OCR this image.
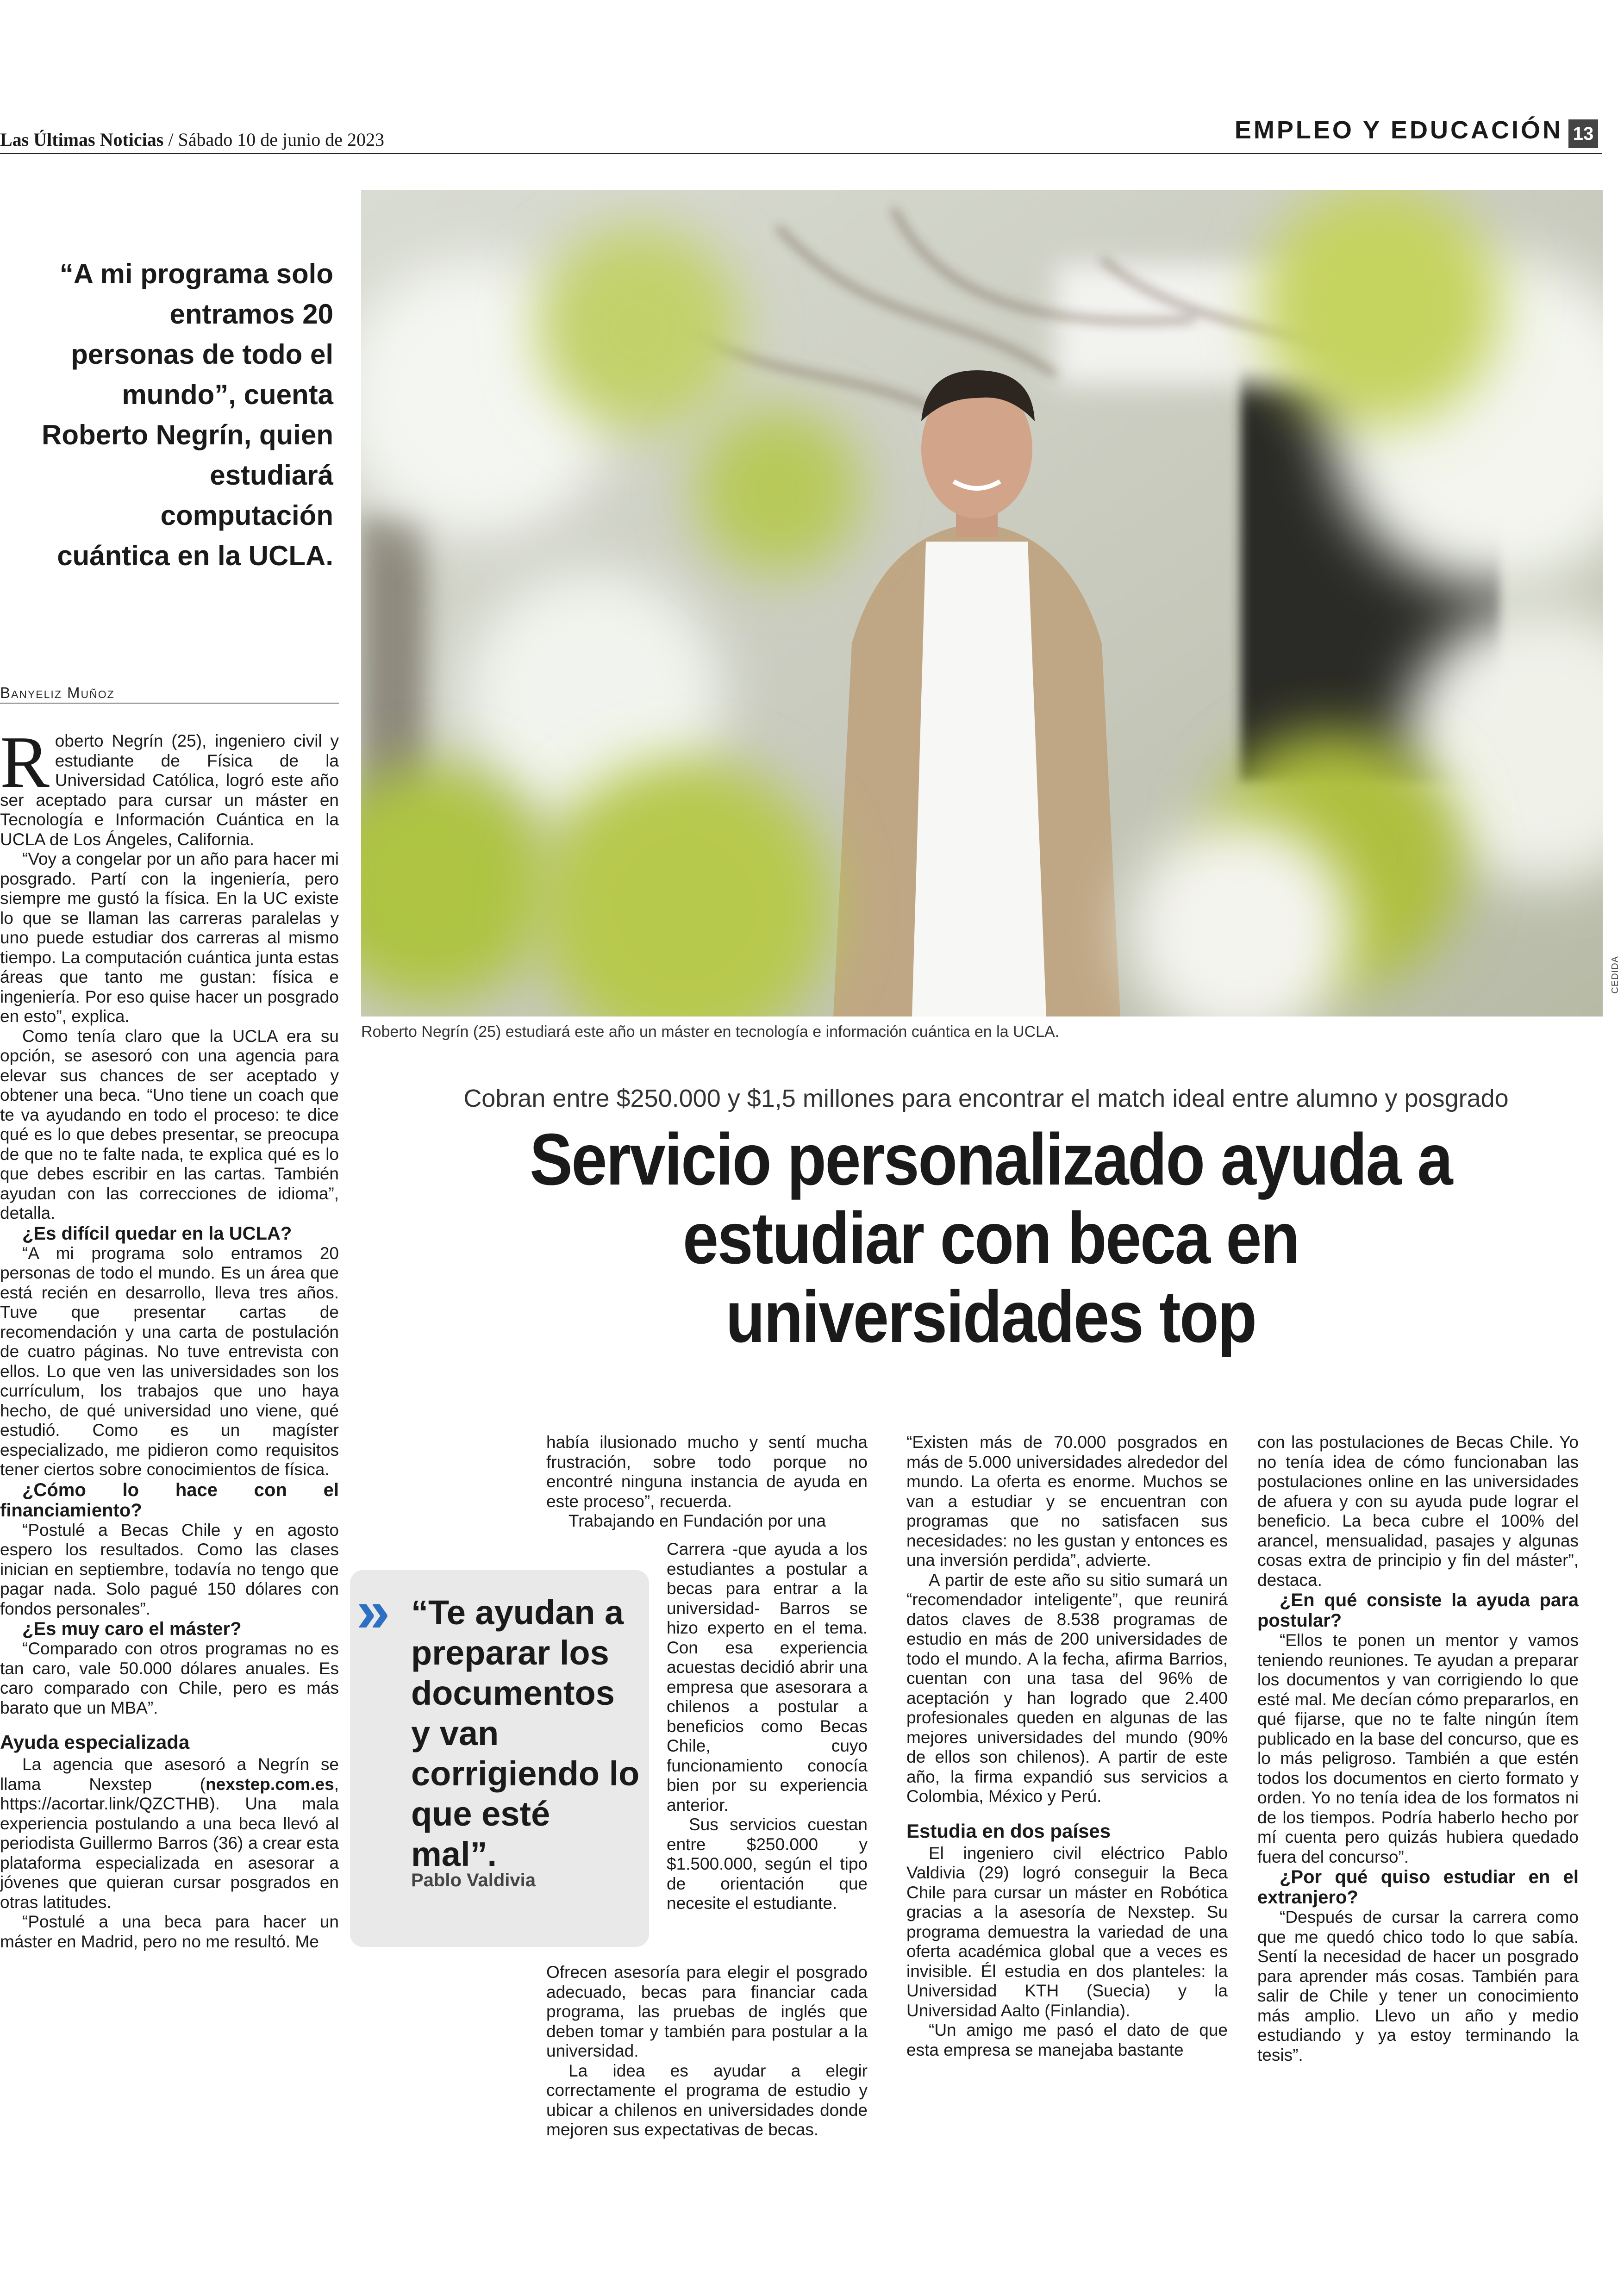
Las Últimas Noticias / Sábado 10 de junio de 2023	EMPLEO Y EDUCACIÓN 13
“A mi programa solo entramos 20 personas de todo el mundo”, cuenta Roberto Negrín, quien estudiará computación cuántica en la UCLA.
Banyeliz Muñoz
CEDIDA
Roberto Negrín (25) estudiará este año un máster en tecnología e información cuántica en la UCLA.
Cobran entre $250.000 y $1,5 millones para encontrar el match ideal entre alumno y posgrado
Servicio personalizado ayuda a
estudiar con beca en
universidades top

Roberto Negrín (25), ingeniero civil y estudiante de Física de la Universidad Católica, logró este año ser aceptado para cursar un máster en Tecnología e Información Cuántica en la UCLA de Los Ángeles, California.

“Voy a congelar por un año para hacer mi posgrado. Partí con la ingeniería, pero siempre me gustó la física. En la UC existe lo que se llaman las carreras paralelas y uno puede estudiar dos carreras al mismo tiempo. La computación cuántica junta estas áreas que tanto me gustan: física e ingeniería. Por eso quise hacer un posgrado en esto”, explica.

Como tenía claro que la UCLA era su opción, se asesoró con una agencia para elevar sus chances de ser aceptado y obtener una beca. “Uno tiene un coach que te va ayudando en todo el proceso: te dice qué es lo que debes presentar, se preocupa de que no te falte nada, te explica qué es lo que debes escribir en las cartas. También ayudan con las correcciones de idioma”, detalla.

¿Es difícil quedar en la UCLA?

“A mi programa solo entramos 20 personas de todo el mundo. Es un área que está recién en desarrollo, lleva tres años. Tuve que presentar cartas de recomendación y una carta de postulación de cuatro páginas. No tuve entrevista con ellos. Lo que ven las universidades son los currículum, los trabajos que uno haya hecho, de qué universidad uno viene, qué estudió. Como es un magíster especializado, me pidieron como requisitos tener ciertos sobre conocimientos de física.

¿Cómo lo hace con el financiamiento?

“Postulé a Becas Chile y en agosto espero los resultados. Como las clases inician en septiembre, todavía no tengo que pagar nada. Solo pagué 150 dólares con fondos personales”.

¿Es muy caro el máster?

“Comparado con otros programas no es tan caro, vale 50.000 dólares anuales. Es caro comparado con Chile, pero es más barato que un MBA”.

Ayuda especializada

La agencia que asesoró a Negrín se llama Nexstep (nexstep.com.es, https://acortar.link/QZCTHB). Una mala experiencia postulando a una beca llevó al periodista Guillermo Barros (36) a crear esta plataforma especializada en asesorar a jóvenes que quieran cursar posgrados en otras latitudes.

“Postulé a una beca para hacer un máster en Madrid, pero no me resultó. Me

había ilusionado mucho y sentí mucha frustración, sobre todo porque no encontré ninguna instancia de ayuda en este proceso”, recuerda.

Trabajando en Fundación por una

Carrera -que ayuda a los estudiantes a postular a becas para entrar a la universidad- Barros se hizo experto en el tema. Con esa experiencia acuestas decidió abrir una empresa que asesorara a chilenos a postular a beneficios como Becas Chile, cuyo funcionamiento conocía bien por su experiencia anterior.

Sus servicios cuestan entre $250.000 y $1.500.000, según el tipo de orientación que necesite el estudiante.

Ofrecen asesoría para elegir el posgrado adecuado, becas para financiar cada programa, las pruebas de inglés que deben tomar y también para postular a la universidad.

La idea es ayudar a elegir correctamente el programa de estudio y ubicar a chilenos en universidades donde mejoren sus expectativas de becas.

» “Te ayudan a preparar los documentos y van corrigiendo lo que esté mal”.
Pablo Valdivia

“Existen más de 70.000 posgrados en más de 5.000 universidades alrededor del mundo. La oferta es enorme. Muchos se van a estudiar y se encuentran con programas que no satisfacen sus necesidades: no les gustan y entonces es una inversión perdida”, advierte.

A partir de este año su sitio sumará un “recomendador inteligente”, que reunirá datos claves de 8.538 programas de estudio en más de 200 universidades de todo el mundo. A la fecha, afirma Barrios, cuentan con una tasa del 96% de aceptación y han logrado que 2.400 profesionales queden en algunas de las mejores universidades del mundo (90% de ellos son chilenos). A partir de este año, la firma expandió sus servicios a Colombia, México y Perú.

Estudia en dos países

El ingeniero civil eléctrico Pablo Valdivia (29) logró conseguir la Beca Chile para cursar un máster en Robótica gracias a la asesoría de Nexstep. Su programa demuestra la variedad de una oferta académica global que a veces es invisible. Él estudia en dos planteles: la Universidad KTH (Suecia) y la Universidad Aalto (Finlandia).

“Un amigo me pasó el dato de que esta empresa se manejaba bastante

con las postulaciones de Becas Chile. Yo no tenía idea de cómo funcionaban las postulaciones online en las universidades de afuera y con su ayuda pude lograr el beneficio. La beca cubre el 100% del arancel, mensualidad, pasajes y algunas cosas extra de principio y fin del máster”, destaca.

¿En qué consiste la ayuda para postular?

“Ellos te ponen un mentor y vamos teniendo reuniones. Te ayudan a preparar los documentos y van corrigiendo lo que esté mal. Me decían cómo prepararlos, en qué fijarse, que no te falte ningún ítem publicado en la base del concurso, que es lo más peligroso. También a que estén todos los documentos en cierto formato y orden. Yo no tenía idea de los formatos ni de los tiempos. Podría haberlo hecho por mí cuenta pero quizás hubiera quedado fuera del concurso”.

¿Por qué quiso estudiar en el extranjero?

“Después de cursar la carrera como que me quedó chico todo lo que sabía. Sentí la necesidad de hacer un posgrado para aprender más cosas. También para salir de Chile y tener un conocimiento más amplio. Llevo un año y medio estudiando y ya estoy terminando la tesis”.
